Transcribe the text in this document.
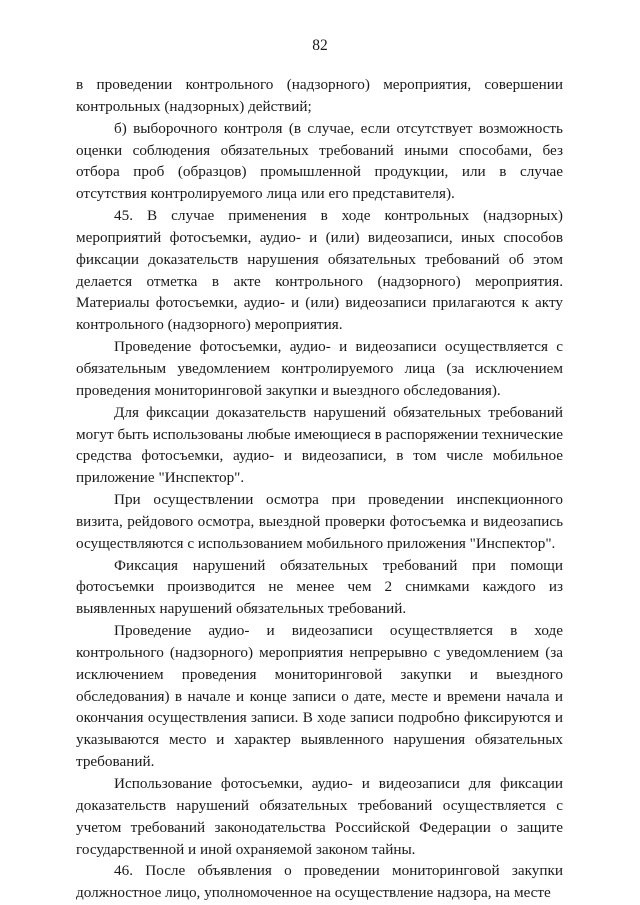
82

в проведении контрольного (надзорного) мероприятия, совершении контрольных (надзорных) действий;

б) выборочного контроля (в случае, если отсутствует возможность оценки соблюдения обязательных требований иными способами, без отбора проб (образцов) промышленной продукции, или в случае отсутствия контролируемого лица или его представителя).

45. В случае применения в ходе контрольных (надзорных) мероприятий фотосъемки, аудио- и (или) видеозаписи, иных способов фиксации доказательств нарушения обязательных требований об этом делается отметка в акте контрольного (надзорного) мероприятия. Материалы фотосъемки, аудио- и (или) видеозаписи прилагаются к акту контрольного (надзорного) мероприятия.

Проведение фотосъемки, аудио- и видеозаписи осуществляется с обязательным уведомлением контролируемого лица (за исключением проведения мониторинговой закупки и выездного обследования).

Для фиксации доказательств нарушений обязательных требований могут быть использованы любые имеющиеся в распоряжении технические средства фотосъемки, аудио- и видеозаписи, в том числе мобильное приложение "Инспектор".

При осуществлении осмотра при проведении инспекционного визита, рейдового осмотра, выездной проверки фотосъемка и видеозапись осуществляются с использованием мобильного приложения "Инспектор".

Фиксация нарушений обязательных требований при помощи фотосъемки производится не менее чем 2 снимками каждого из выявленных нарушений обязательных требований.

Проведение аудио- и видеозаписи осуществляется в ходе контрольного (надзорного) мероприятия непрерывно с уведомлением (за исключением проведения мониторинговой закупки и выездного обследования) в начале и конце записи о дате, месте и времени начала и окончания осуществления записи. В ходе записи подробно фиксируются и указываются место и характер выявленного нарушения обязательных требований.

Использование фотосъемки, аудио- и видеозаписи для фиксации доказательств нарушений обязательных требований осуществляется с учетом требований законодательства Российской Федерации о защите государственной и иной охраняемой законом тайны.

46. После объявления о проведении мониторинговой закупки должностное лицо, уполномоченное на осуществление надзора, на месте
